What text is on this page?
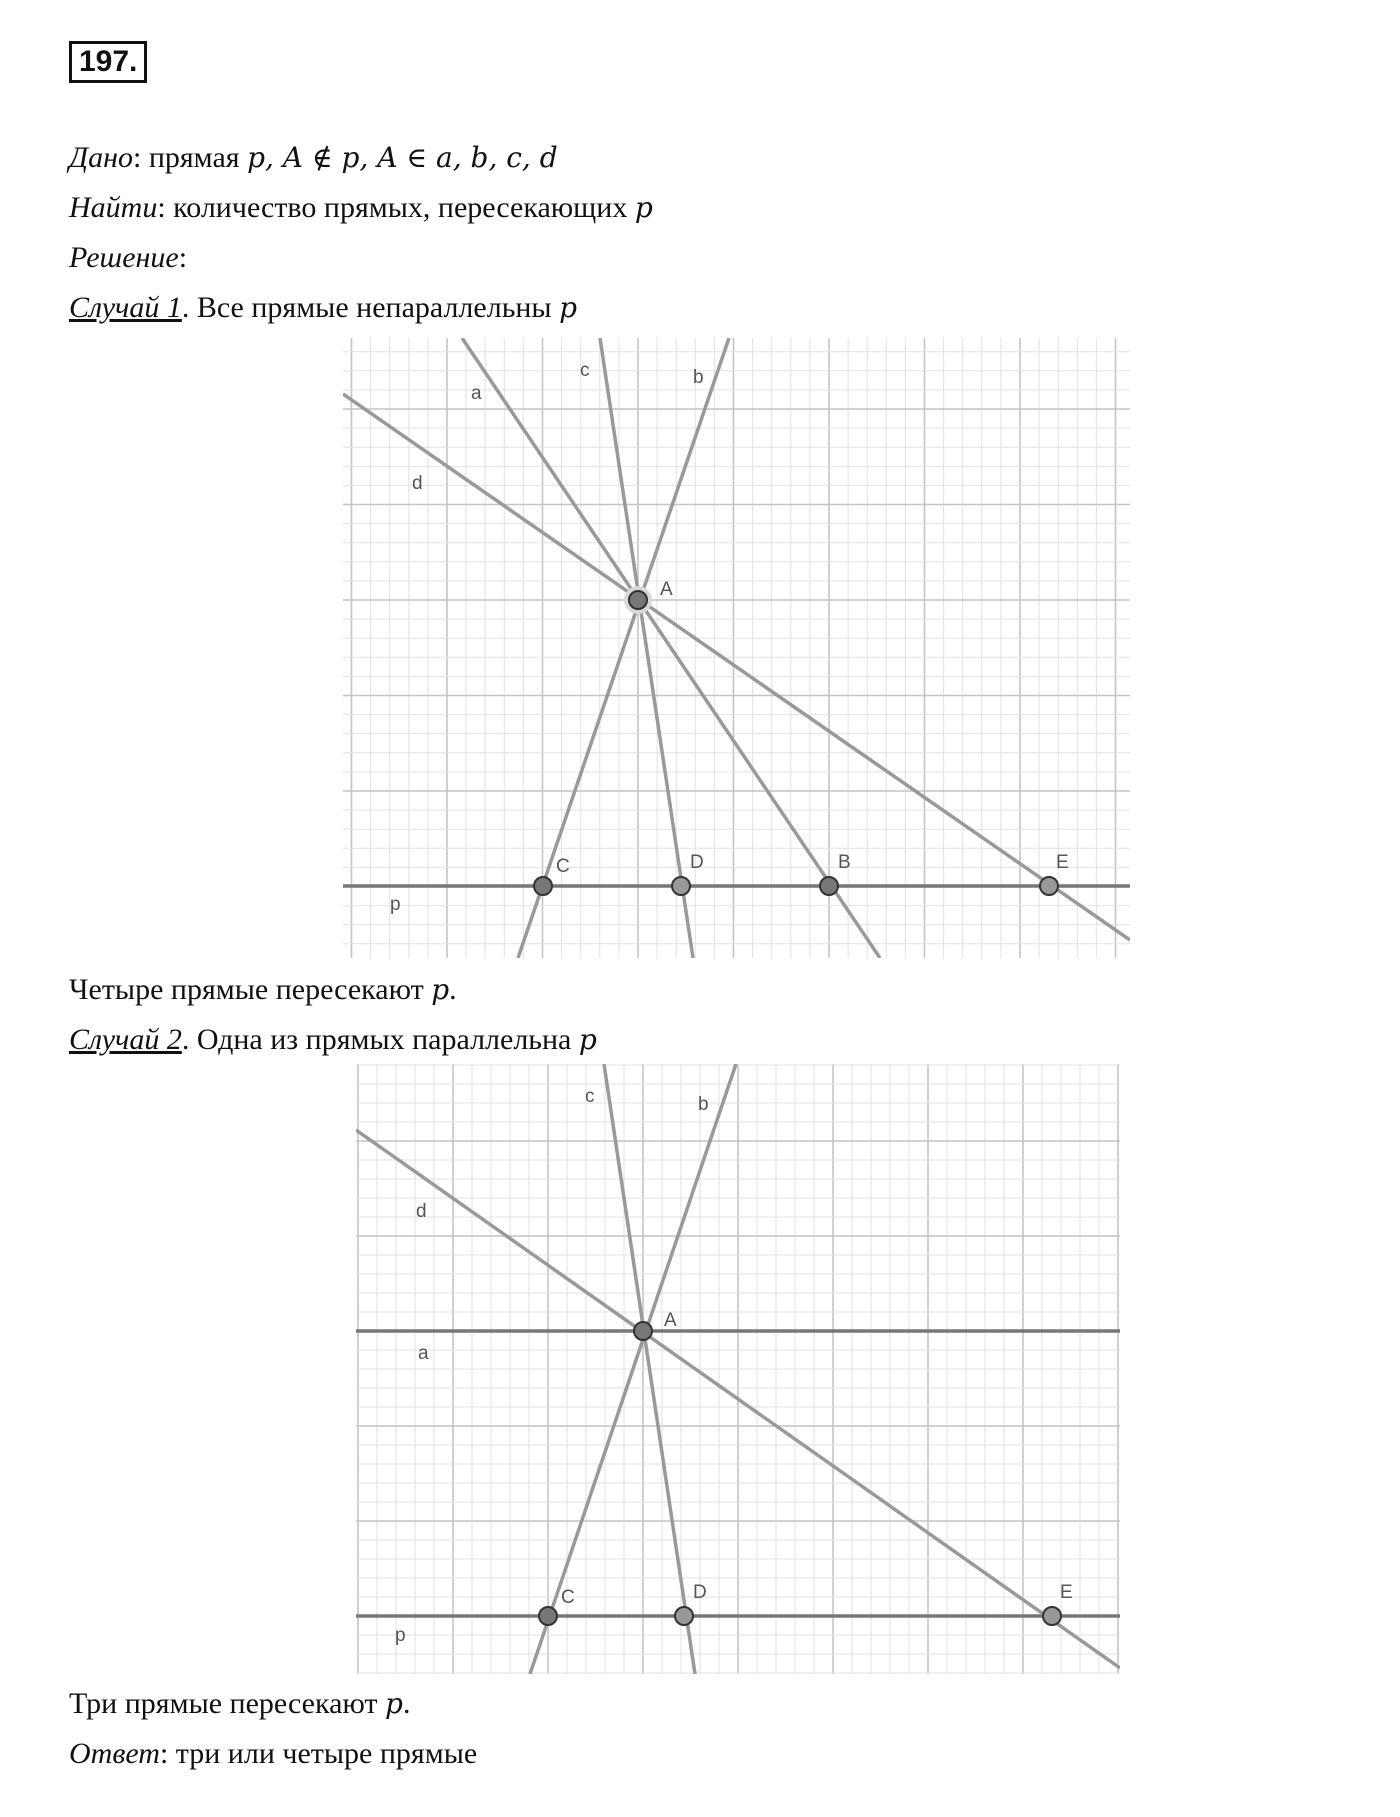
197.
Дано: прямая p, A ∉ p, A ∈ a, b, c, d
Найти: количество прямых, пересекающих p
Решение:
Случай 1. Все прямые непараллельны p
a
c	b
d
p
A
C	D	B	E
Четыре прямые пересекают p.
Случай 2. Одна из прямых параллельна p
c	b
d
a
p
A
C	D	E
Три прямые пересекают p.
Ответ: три или четыре прямые
